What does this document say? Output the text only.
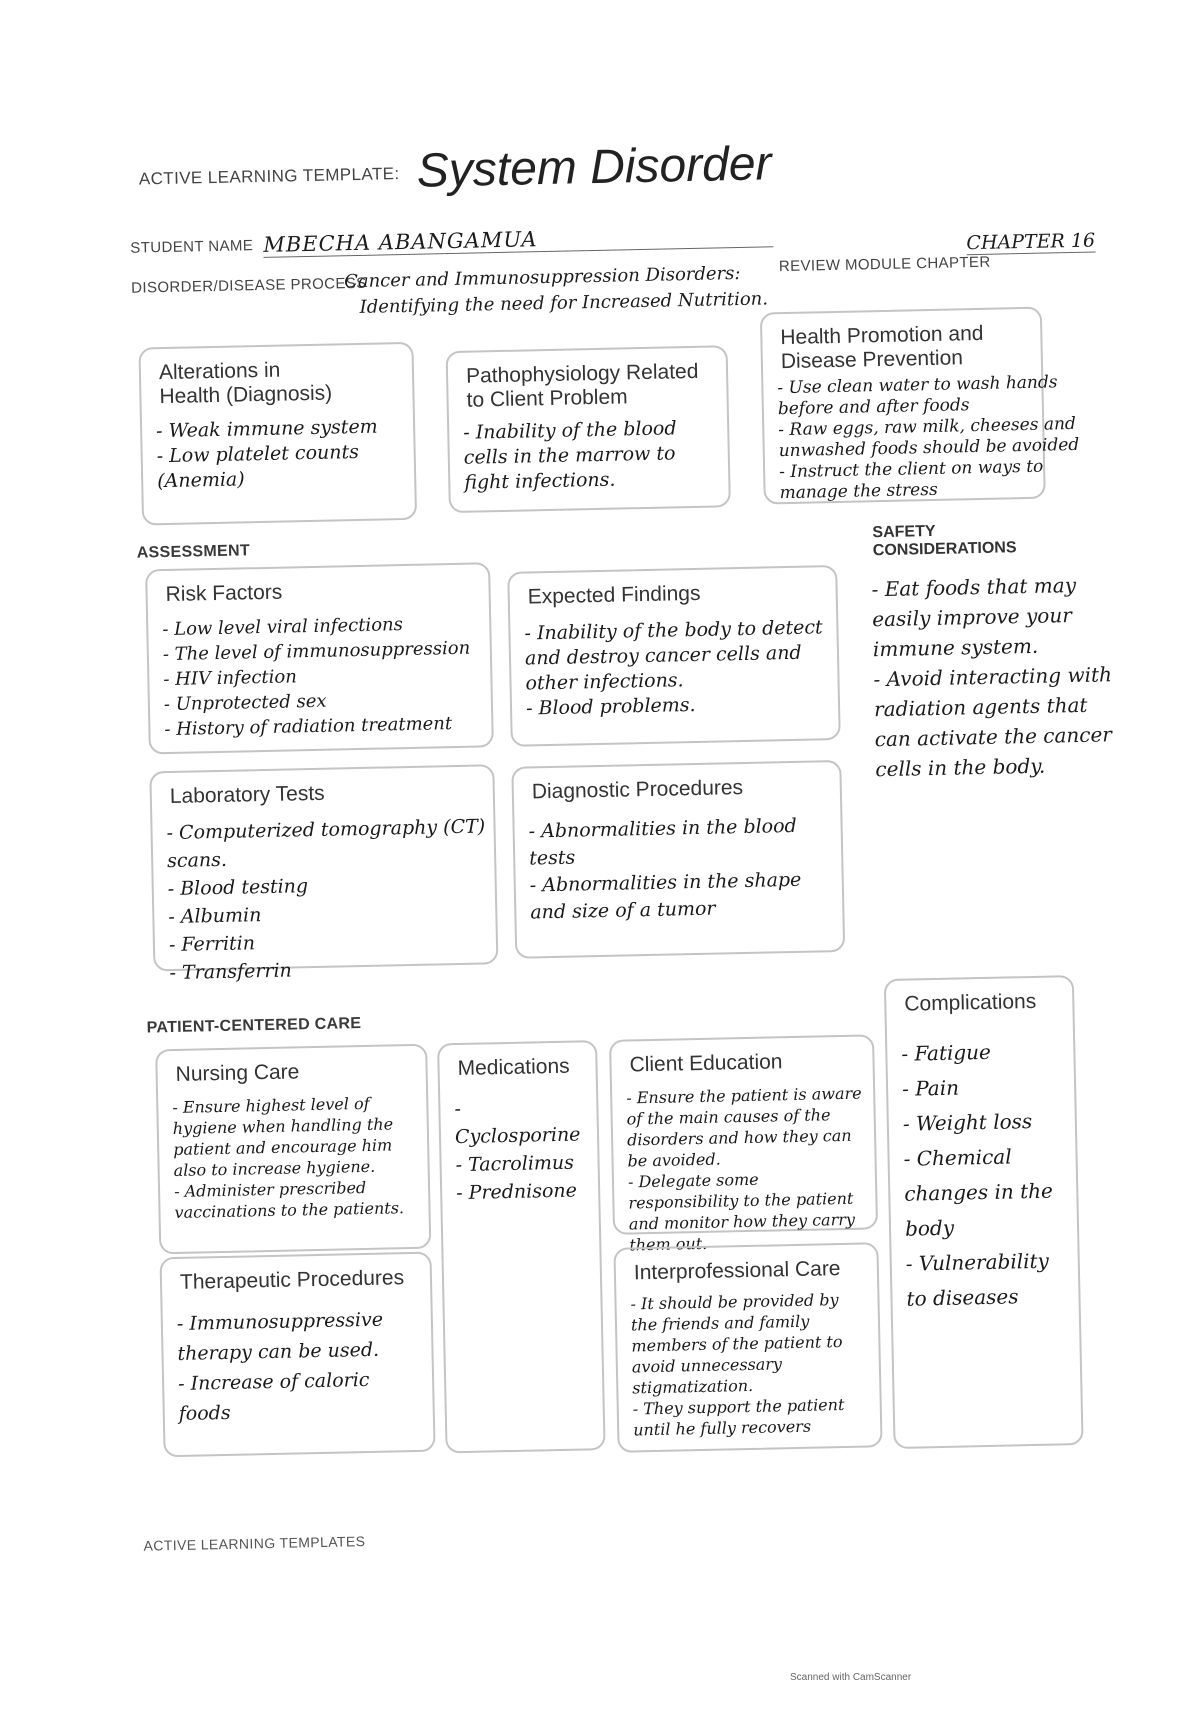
ACTIVE LEARNING TEMPLATE: System Disorder
STUDENT NAME MBECHA ABANGAMUA
DISORDER/DISEASE PROCESS
Cancer and Immunosuppression Disorders:
Identifying the need for Increased Nutrition.
REVIEW MODULE CHAPTER
CHAPTER 16
Alterations in
Health (Diagnosis)
- Weak immune system
- Low platelet counts (Anemia)
Pathophysiology Related
to Client Problem
- Inability of the blood cells in the marrow to fight infections.
Health Promotion and
Disease Prevention
- Use clean water to wash hands before and after foods
- Raw eggs, raw milk, cheeses and unwashed foods should be avoided
- Instruct the client on ways to manage the stress
ASSESSMENT
SAFETY
CONSIDERATIONS
- Eat foods that may easily improve your immune system.
- Avoid interacting with radiation agents that can activate the cancer cells in the body.
Risk Factors
- Low level viral infections
- The level of immunosuppression
- HIV infection
- Unprotected sex
- History of radiation treatment
Expected Findings
- Inability of the body to detect and destroy cancer cells and other infections.
- Blood problems.
Laboratory Tests
- Computerized tomography (CT) scans.
- Blood testing
- Albumin
- Ferritin
- Transferrin
Diagnostic Procedures
- Abnormalities in the blood tests
- Abnormalities in the shape and size of a tumor
PATIENT-CENTERED CARE
Complications
- Fatigue
- Pain
- Weight loss
- Chemical changes in the body
- Vulnerability to diseases
Nursing Care
- Ensure highest level of hygiene when handling the patient and encourage him also to increase hygiene.
- Administer prescribed vaccinations to the patients.
Medications
- Cyclosporine
- Tacrolimus
- Prednisone
Client Education
- Ensure the patient is aware of the main causes of the disorders and how they can be avoided.
- Delegate some responsibility to the patient and monitor how they carry them out.
Therapeutic Procedures
- Immunosuppressive therapy can be used.
- Increase of caloric foods
Interprofessional Care
- It should be provided by the friends and family members of the patient to avoid unnecessary stigmatization.
- They support the patient until he fully recovers
ACTIVE LEARNING TEMPLATES
Scanned with CamScanner
